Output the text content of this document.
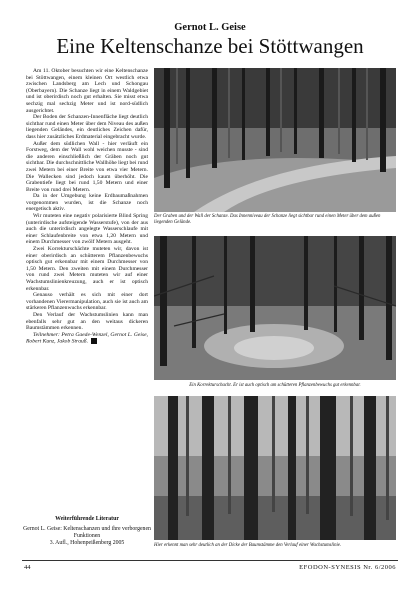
Gernot L. Geise
Eine Keltenschanze bei Stöttwangen

Am 11. Oktober besuchten wir eine Keltenschanze bei Stöttwangen, einem kleinen Ort westlich etwa zwischen Landsberg am Lech und Schongau (Oberbayern). Die Schanze liegt in einem Waldgebiet und ist oberirdisch noch gut erhalten. Sie misst etwa sechzig mal sechzig Meter und ist nord-südlich ausgerichtet.

Der Boden der Schanzen-Innenfläche liegt deutlich sichtbar rund einen Meter über dem Niveau des außen liegenden Geländes, ein deutliches Zeichen dafür, dass hier zusätzliches Erdmaterial eingebracht wurde.

Außer dem südlichen Wall - hier verläuft ein Forstweg, dem der Wall wohl weichen musste - sind die anderen einschließlich der Gräben noch gut sichtbar. Die durchschnittliche Wallhöhe liegt bei rund zwei Metern bei einer Breite von etwa vier Metern. Die Wallecken sind jedoch kaum überhöht. Die Grabentiefe liegt bei rund 1,50 Metern und einer Breite von rund drei Metern.

Da in der Umgebung keine Erdbaumaßnahmen vorgenommen wurden, ist die Schanze noch energetisch aktiv.

Wir muteten eine negativ polarisierte Blind Spring (unterirdische aufsteigende Wasserstufe), von der aus auch die unterirdisch angelegte Wasserschlaufe mit einer Schlaufenbreite von etwa 1,20 Metern und einem Durchmesser von zwölf Metern ausgeht.

Zwei Korrekturschächte muteten wir, davon ist einer oberirdisch an schütterem Pflanzenbewuchs optisch gut erkennbar mit einem Durchmesser von 1,50 Metern. Den zweiten mit einem Durchmesser von rund zwei Metern muteten wir auf einer Wachstumslinienkreuzung, auch er ist optisch erkennbar.

Genauso verhält es sich mit einer dort vorhandenen Vierermanipulation, auch sie ist auch am stärkeren Pflanzenwuchs erkennbar.

Den Verlauf der Wachstumslinien kann man ebenfalls sehr gut an den weitaus dickeren Baumstämmen erkennen.

Teilnehmer: Petra Gaede-Wenzel, Gernot L. Geise, Robert Kunz, Jakob Strauß.

Weiterführende Literatur

Gernot L. Geise: Keltenschanzen und ihre verborgenen Funktionen

3. Aufl., Hohenpeißenberg 2005

Der Graben und der Wall der Schanze. Das Innenniveau der Schanze liegt sichtbar rund einen Meter über dem außen liegenden Gelände.
Ein Korrekturschacht. Er ist auch optisch am schütteren Pflanzenbewuchs gut erkennbar.
Hier erkennt man sehr deutlich an der Dicke der Baumstämme den Verlauf einer Wachstumslinie.
44	EFODON-SYNESIS Nr. 6/2006
